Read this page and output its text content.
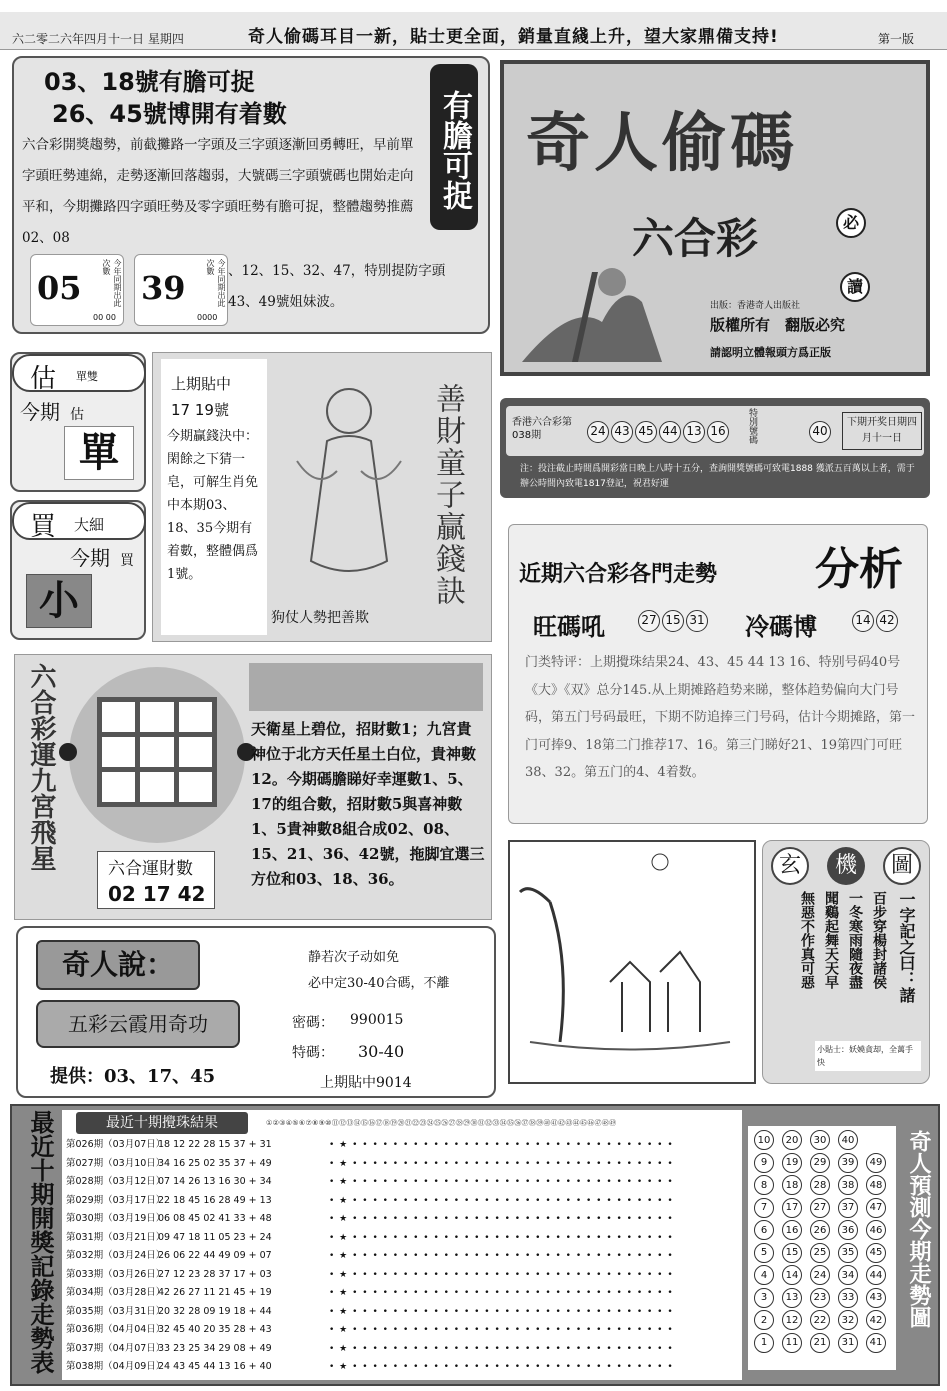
六二零二六年四月十一日 星期四	奇人偷碼耳目一新，貼士更全面，銷量直綫上升，望大家鼎備支持!	第一版
03、18號有膽可捉
26、45號博開有着數	有膽可捉
六合彩開獎趨勢，前截攤路一字頭及三字頭逐漸回勇轉旺，早前單字頭旺勢連綿，走勢逐漸回落趨弱，大號碼三字頭號碼也開始走向平和，今期攤路四字頭旺勢及零字頭旺勢有膽可捉，整體趨勢推薦02、08
05	今年同期出此次數
00 00
39	今年同期出此次數
0000
、12、15、32、47，特別提防字頭43、49號姐妹波。
奇人偷碼
六合彩	必
讀
出版：香港奇人出版社
版權所有　翻版必究
請認明立體報頭方爲正版
香港六合彩第038期	24 43 45 44 13 16	特別號碼	40
下期开奖日期四月十一日
注：投注截止時間爲開彩當日晚上八時十五分，查詢開獎號碼可致電1888 獲派五百萬以上者，需于辦公時間內致電1817登記，祝君好運
估 單雙
今期 估
單
買 大細
今期 買
小
上期貼中
17 19號
今期贏錢決中：閑餘之下猜一皂，可解生肖免中本期03、18、35今期有着數，整體偶爲1號。
狗仗人勢把善欺
善財童子贏錢訣 近期六合彩各門走勢 分析
旺碼吼	27 15 31 冷碼博	14 42
门类特评：上期攪珠结果24、43、45 44 13 16、特别号码40号《大》《双》总分145.从上期摊路趋势来睇，整体趋势偏向大门号码，第五门号码最旺，下期不防追捧三门号码，估计今期摊路，第一门可捧9、18第二门推荐17、16。第三门睇好21、19第四门可旺38、32。第五门的4、4着数。
六合彩運九宮飛星	六合運財數
02 17 42
天衛星上碧位，招財數1；九宮貴神位于北方天任星土白位，貴神數12。今期碼膽睇好幸運數1、5、17的组合數，招財數5與喜神數1、5貴神數8組合成02、08、15、21、36、42號，拖脚宜選三方位和03、18、36。
奇人說：
五彩云霞用奇功
提供：03、17、45
静若次子动如免
必中定30-40合碼，不離
密碼： 990015
特碼： 30-40
上期貼中9014
玄	機	圖
一字記之曰：諸
百步穿楊封諸侯
一冬寒雨隨夜盡
聞鷄起舞天天早
無惡不作真可惡
小貼士：妖嬈貪却，全萬手快
最近十期開獎記錄走勢表	最近十期攪珠結果	①②③④⑤⑥⑦⑧⑨⑩⑪⑫⑬⑭⑮⑯⑰⑱⑲⑳㉑㉒㉓㉔㉕㉖㉗㉘㉙㉚㉛㉜㉝㉞㉟㊱㊲㊳㊴㊵㊶㊷㊸㊹㊺㊻㊼㊽㊾
第026期（03月07日）18 12 22 28 15 37 + 31	• ★ • • • • • • • • • • • • • • • • • • • • • • • • • • • • • • • •
第027期（03月10日）34 16 25 02 35 37 + 49	• ★ • • • • • • • • • • • • • • • • • • • • • • • • • • • • • • • •
第028期（03月12日）07 14 26 13 16 30 + 34	• ★ • • • • • • • • • • • • • • • • • • • • • • • • • • • • • • • •
第029期（03月17日）22 18 45 16 28 49 + 13	• ★ • • • • • • • • • • • • • • • • • • • • • • • • • • • • • • • •
第030期（03月19日）06 08 45 02 41 33 + 48	• ★ • • • • • • • • • • • • • • • • • • • • • • • • • • • • • • • •
第031期（03月21日）09 47 18 11 05 23 + 24	• ★ • • • • • • • • • • • • • • • • • • • • • • • • • • • • • • • •
第032期（03月24日）26 06 22 44 49 09 + 07	• ★ • • • • • • • • • • • • • • • • • • • • • • • • • • • • • • • •
第033期（03月26日）27 12 23 28 37 17 + 03	• ★ • • • • • • • • • • • • • • • • • • • • • • • • • • • • • • • •
第034期（03月28日）42 26 27 11 21 45 + 19	• ★ • • • • • • • • • • • • • • • • • • • • • • • • • • • • • • • •
第035期（03月31日）20 32 28 09 19 18 + 44	• ★ • • • • • • • • • • • • • • • • • • • • • • • • • • • • • • • •
第036期（04月04日）32 45 40 20 35 28 + 43	• ★ • • • • • • • • • • • • • • • • • • • • • • • • • • • • • • • •
第037期（04月07日）33 23 25 34 29 08 + 49	• ★ • • • • • • • • • • • • • • • • • • • • • • • • • • • • • • • •
第038期（04月09日）24 43 45 44 13 16 + 40	• ★ • • • • • • • • • • • • • • • • • • • • • • • • • • • • • • • •
10	20	30	40
9	19	29	39	49
8	18	28	38	48
7	17	27	37	47
6	16	26	36	46
5	15	25	35	45
4	14	24	34	44
3	13	23	33	43
2	12	22	32	42
1	11	21	31	41
奇人預測今期走勢圖
